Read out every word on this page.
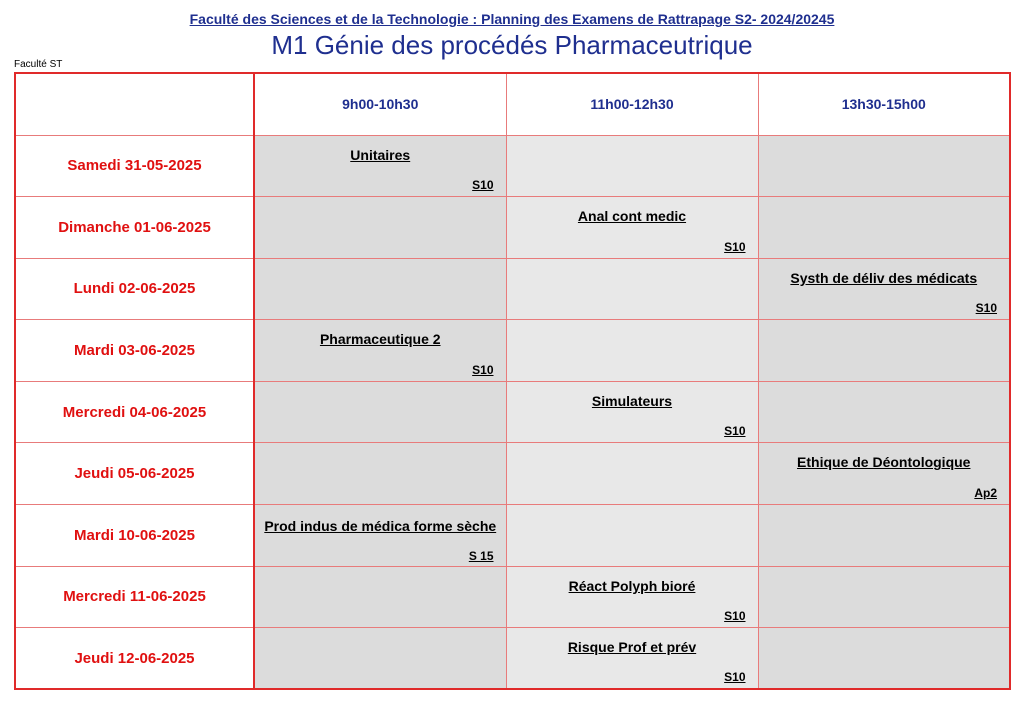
Faculté des Sciences et de la Technologie : Planning des Examens de Rattrapage S2- 2024/20245
M1 Génie des procédés Pharmaceutrique
Faculté ST
	9h00-10h30	11h00-12h30	13h30-15h00
Samedi 31-05-2025	Unitaires
S10		

Dimanche 01-06-2025		Anal cont medic
S10	

Lundi 02-06-2025			Systh de déliv des médicats
S10

Mardi 03-06-2025	Pharmaceutique 2
S10		

Mercredi 04-06-2025		Simulateurs
S10	

Jeudi 05-06-2025			Ethique de Déontologique
Ap2

Mardi 10-06-2025	Prod indus de médica forme sèche
S 15		

Mercredi 11-06-2025		Réact Polyph bioré
S10	

Jeudi 12-06-2025		Risque Prof et prév
S10	
